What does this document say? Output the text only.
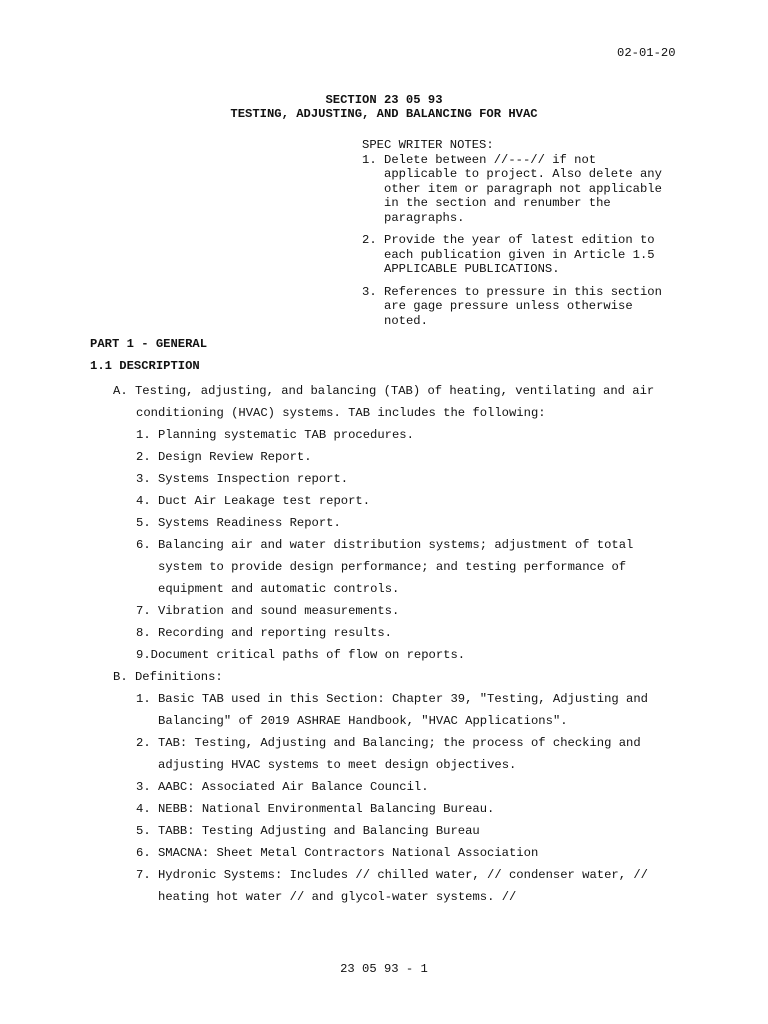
02-01-20
SECTION 23 05 93
TESTING, ADJUSTING, AND BALANCING FOR HVAC
SPEC WRITER NOTES:
1. Delete between //---// if not
applicable to project. Also delete any
other item or paragraph not applicable
in the section and renumber the
paragraphs.
2. Provide the year of latest edition to
each publication given in Article 1.5
APPLICABLE PUBLICATIONS.
3. References to pressure in this section
are gage pressure unless otherwise
noted.
PART 1 - GENERAL
1.1 DESCRIPTION
A. Testing, adjusting, and balancing (TAB) of heating, ventilating and air
conditioning (HVAC) systems. TAB includes the following:
1. Planning systematic TAB procedures.
2. Design Review Report.
3. Systems Inspection report.
4. Duct Air Leakage test report.
5. Systems Readiness Report.
6. Balancing air and water distribution systems; adjustment of total
system to provide design performance; and testing performance of
equipment and automatic controls.
7. Vibration and sound measurements.
8. Recording and reporting results.
9.Document critical paths of flow on reports.
B. Definitions:
1. Basic TAB used in this Section: Chapter 39, "Testing, Adjusting and
Balancing" of 2019 ASHRAE Handbook, "HVAC Applications".
2. TAB: Testing, Adjusting and Balancing; the process of checking and
adjusting HVAC systems to meet design objectives.
3. AABC: Associated Air Balance Council.
4. NEBB: National Environmental Balancing Bureau.
5. TABB: Testing Adjusting and Balancing Bureau
6. SMACNA: Sheet Metal Contractors National Association
7. Hydronic Systems: Includes // chilled water, // condenser water, //
heating hot water // and glycol-water systems. //
23 05 93 - 1
